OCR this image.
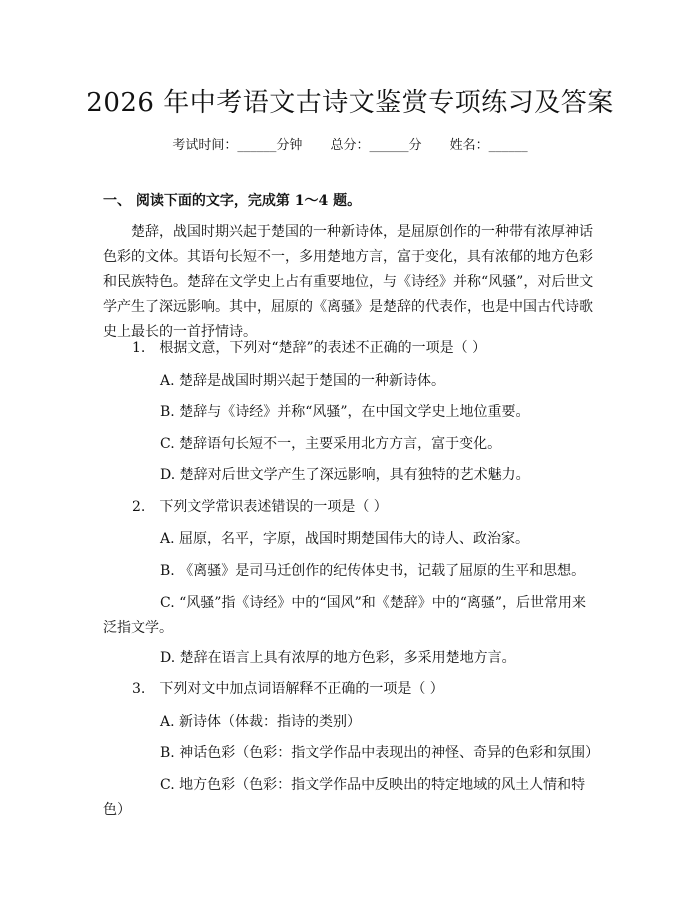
2026 年中考语文古诗文鉴赏专项练习及答案
考试时间：______分钟 总分：______分 姓名：______
一、 阅读下面的文字，完成第 1～4 题。
楚辞，战国时期兴起于楚国的一种新诗体，是屈原创作的一种带有浓厚神话色彩的文体。其语句长短不一，多用楚地方言，富于变化，具有浓郁的地方色彩和民族特色。楚辞在文学史上占有重要地位，与《诗经》并称“风骚”，对后世文学产生了深远影响。其中，屈原的《离骚》是楚辞的代表作，也是中国古代诗歌史上最长的一首抒情诗。
1.　根据文意，下列对“楚辞”的表述不正确的一项是（ ）
A. 楚辞是战国时期兴起于楚国的一种新诗体。
B. 楚辞与《诗经》并称“风骚”，在中国文学史上地位重要。
C. 楚辞语句长短不一，主要采用北方方言，富于变化。
D. 楚辞对后世文学产生了深远影响，具有独特的艺术魅力。
2.　下列文学常识表述错误的一项是（ ）
A. 屈原，名平，字原，战国时期楚国伟大的诗人、政治家。
B. 《离骚》是司马迁创作的纪传体史书，记载了屈原的生平和思想。
C. “风骚”指《诗经》中的“国风”和《楚辞》中的“离骚”，后世常用来泛指文学。
D. 楚辞在语言上具有浓厚的地方色彩，多采用楚地方言。
3.　下列对文中加点词语解释不正确的一项是（ ）
A. 新诗体（体裁：指诗的类别）
B. 神话色彩（色彩：指文学作品中表现出的神怪、奇异的色彩和氛围）
C. 地方色彩（色彩：指文学作品中反映出的特定地域的风土人情和特色）
